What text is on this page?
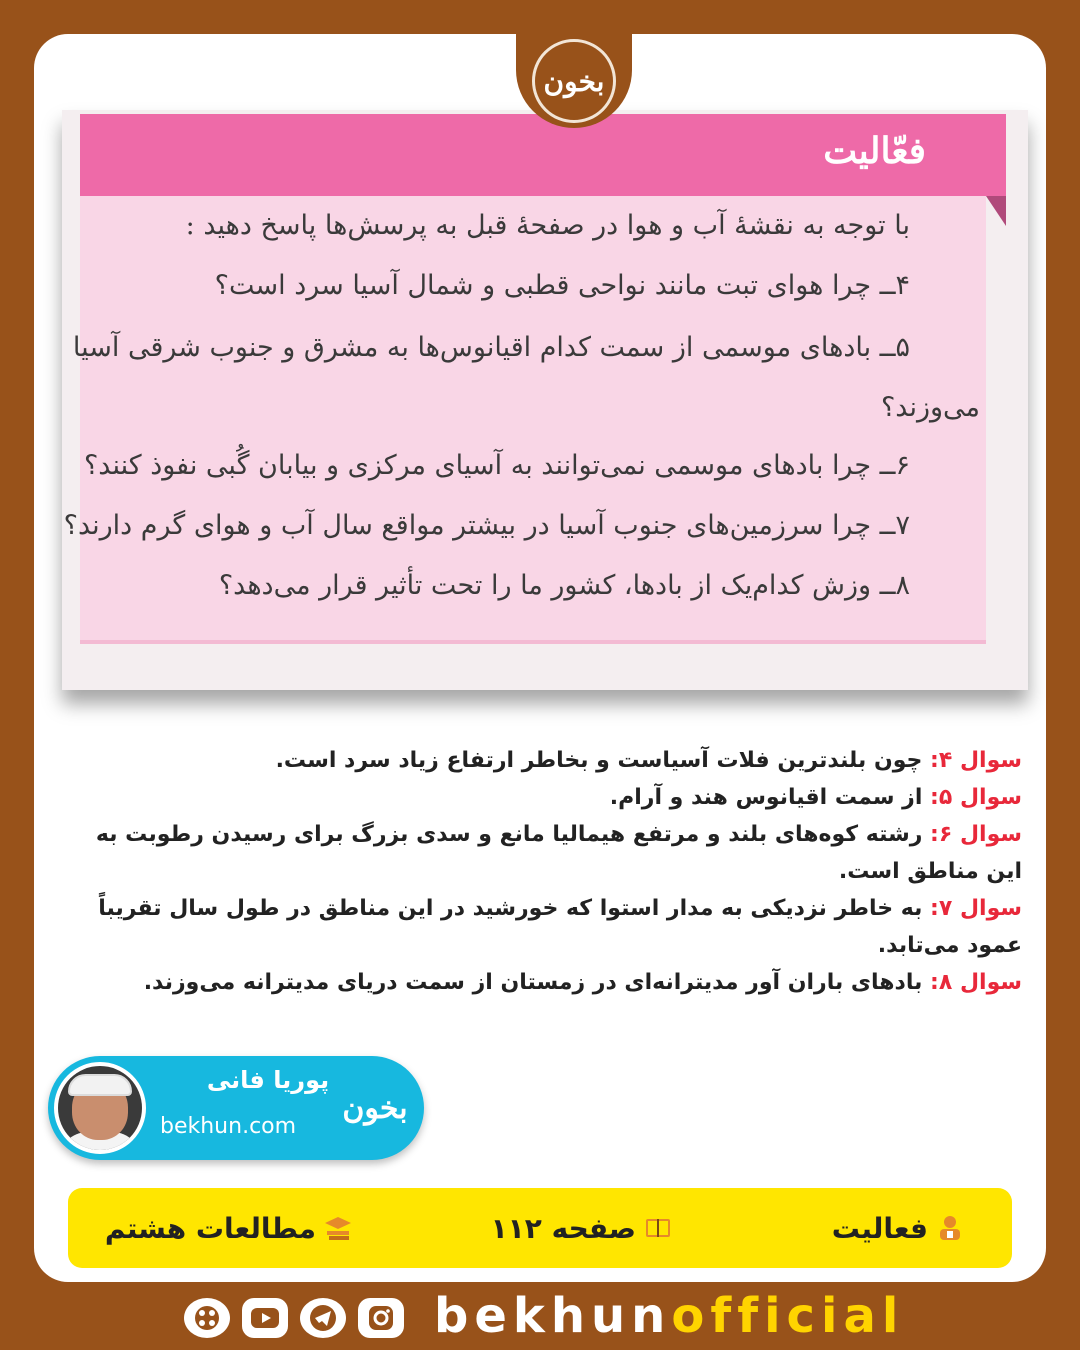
بخون
فعّالیت
با توجه به نقشهٔ آب و هوا در صفحهٔ قبل به پرسش‌ها پاسخ دهید :
۴ــ چرا هوای تبت مانند نواحی قطبی و شمال آسیا سرد است؟
۵ــ بادهای موسمی از سمت کدام اقیانوس‌ها به مشرق و جنوب شرقی آسیا
می‌وزند؟
۶ــ چرا بادهای موسمی نمی‌توانند به آسیای مرکزی و بیابان گُبی نفوذ کنند؟
۷ــ چرا سرزمین‌های جنوب آسیا در بیشتر مواقع سال آب و هوای گرم دارند؟
۸ــ وزش کدام‌یک از بادها، کشور ما را تحت تأثیر قرار می‌دهد؟
سوال ۴: چون بلندترین فلات آسیاست و بخاطر ارتفاع زیاد سرد است.
سوال ۵: از سمت اقیانوس هند و آرام.
سوال ۶: رشته کوه‌های بلند و مرتفع هیمالیا مانع و سدی بزرگ برای رسیدن رطوبت به این مناطق است.
سوال ۷: به خاطر نزدیکی به مدار استوا که خورشید در این مناطق در طول سال تقریباً عمود می‌تابد.
سوال ۸: بادهای باران آور مدیترانه‌ای در زمستان از سمت دریای مدیترانه می‌وزند.
پوریا فانی
bekhun.com
بخون
فعالیت
صفحه ۱۱۲
مطالعات هشتم
bekhunofficial
